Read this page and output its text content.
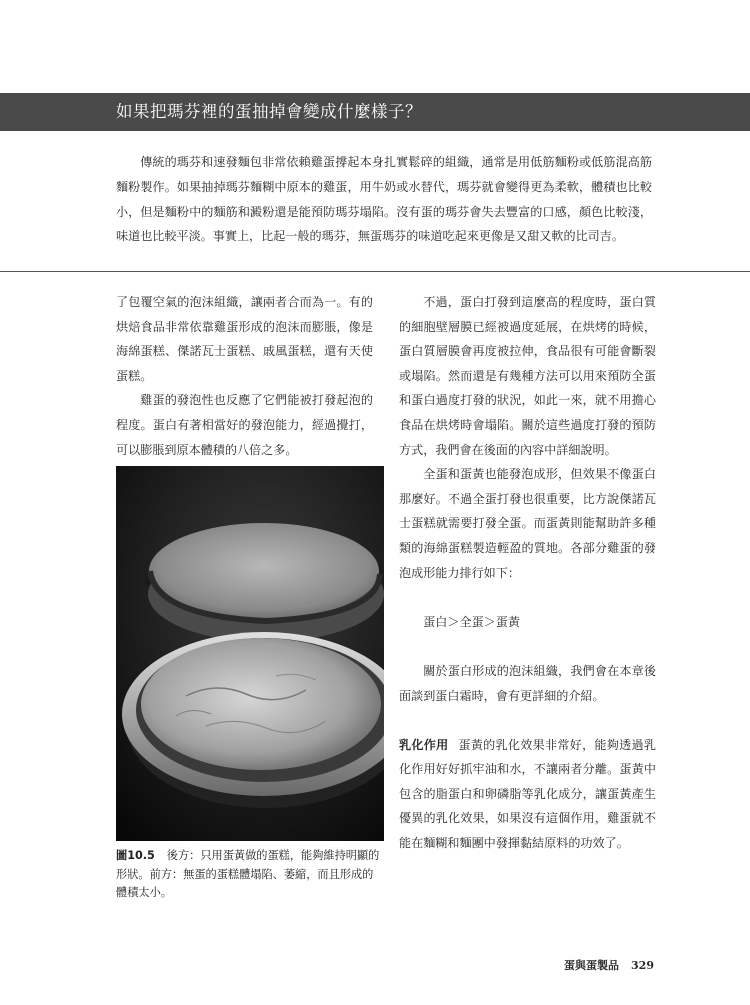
如果把瑪芬裡的蛋抽掉會變成什麼樣子？

傳統的瑪芬和速發麵包非常依賴雞蛋撐起本身扎實鬆碎的組織，通常是用低筋麵粉或低筋混高筋麵粉製作。如果抽掉瑪芬麵糊中原本的雞蛋，用牛奶或水替代，瑪芬就會變得更為柔軟，體積也比較小，但是麵粉中的麵筋和澱粉還是能預防瑪芬塌陷。沒有蛋的瑪芬會失去豐富的口感，顏色比較淺，味道也比較平淡。事實上，比起一般的瑪芬，無蛋瑪芬的味道吃起來更像是又甜又軟的比司吉。

了包覆空氣的泡沫組織，讓兩者合而為一。有的烘焙食品非常依靠雞蛋形成的泡沫而膨脹，像是海綿蛋糕、傑諾瓦士蛋糕、戚風蛋糕，還有天使蛋糕。

雞蛋的發泡性也反應了它們能被打發起泡的程度。蛋白有著相當好的發泡能力，經過攪打，可以膨脹到原本體積的八倍之多。

圖10.5 後方：只用蛋黃做的蛋糕，能夠維持明顯的形狀。前方：無蛋的蛋糕體塌陷、萎縮，而且形成的體積太小。

不過，蛋白打發到這麼高的程度時，蛋白質的細胞壁層膜已經被過度延展，在烘烤的時候，蛋白質層膜會再度被拉伸，食品很有可能會斷裂或塌陷。然而還是有幾種方法可以用來預防全蛋和蛋白過度打發的狀況，如此一來，就不用擔心食品在烘烤時會塌陷。關於這些過度打發的預防方式，我們會在後面的內容中詳細說明。

全蛋和蛋黃也能發泡成形，但效果不像蛋白那麼好。不過全蛋打發也很重要，比方說傑諾瓦士蛋糕就需要打發全蛋。而蛋黃則能幫助許多種類的海綿蛋糕製造輕盈的質地。各部分雞蛋的發泡成形能力排行如下：

蛋白＞全蛋＞蛋黃

關於蛋白形成的泡沫組織，我們會在本章後面談到蛋白霜時，會有更詳細的介紹。

乳化作用 蛋黃的乳化效果非常好，能夠透過乳化作用好好抓牢油和水，不讓兩者分離。蛋黃中包含的脂蛋白和卵磷脂等乳化成分，讓蛋黃產生優異的乳化效果，如果沒有這個作用，雞蛋就不能在麵糊和麵團中發揮黏結原料的功效了。

蛋與蛋製品 329
